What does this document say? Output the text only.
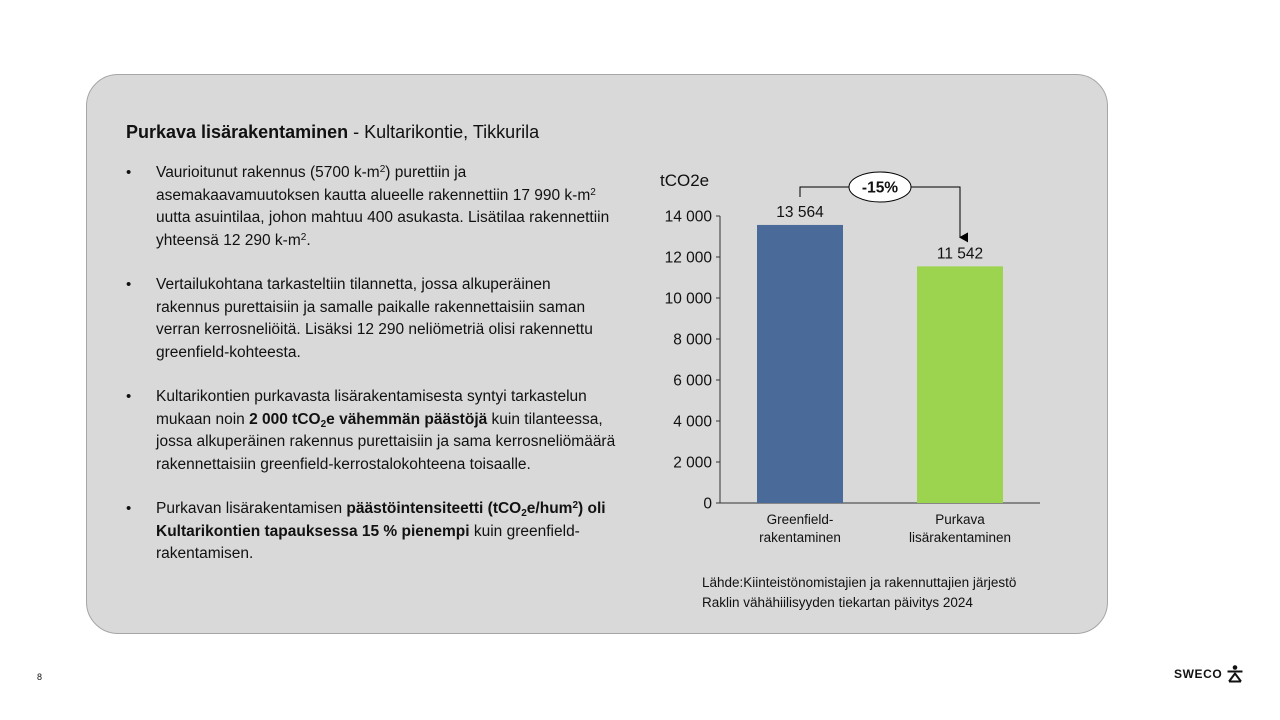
Purkava lisärakentaminen - Kultarikontie, Tikkurila
• Vaurioitunut rakennus (5700 $k-m^2$) purettiin ja asemakaavamuutoksen kautta alueelle rakennettiin 17 990 $k-m^2$ uutta asuintilaa, johon mahtuu 400 asukasta. Lisätilaa rakennettiin yhteensä 12 290 $k-m^2$.
• Vertailukohtana tarkasteltiin tilannetta, jossa alkuperäinen rakennus purettaisiin ja samalle paikalle rakennettaisiin saman verran kerrosneliöitä. Lisäksi 12 290 neliömetriä olisi rakennettu greenfield-kohteesta.
• Kultarikontien purkavasta lisärakentamisesta syntyi tarkastelun mukaan noin 2 000 tCO$_2$e vähemmän päästöjä kuin tilanteessa, jossa alkuperäinen rakennus purettaisiin ja sama kerrosneliömäärä rakennettaisiin greenfield-kerrostalokohteena toisaalle.
• Purkavan lisärakentamisen päästöintensiteetti (tCO$_2$e/hum$^2$) oli Kultarikontien tapauksessa 15 % pienempi kuin greenfield-rakentamisen.
tCO2e
0
2 000
4 000
6 000
8 000
10 000
12 000
14 000	13 564
Greenfield-
rakentaminen
11 542
Purkava
lisärakentaminen
-15%
Lähde:Kiinteistönomistajien ja rakennuttajien järjestö
Raklin vähähiilisyyden tiekartan päivitys 2024
8	SWECO
